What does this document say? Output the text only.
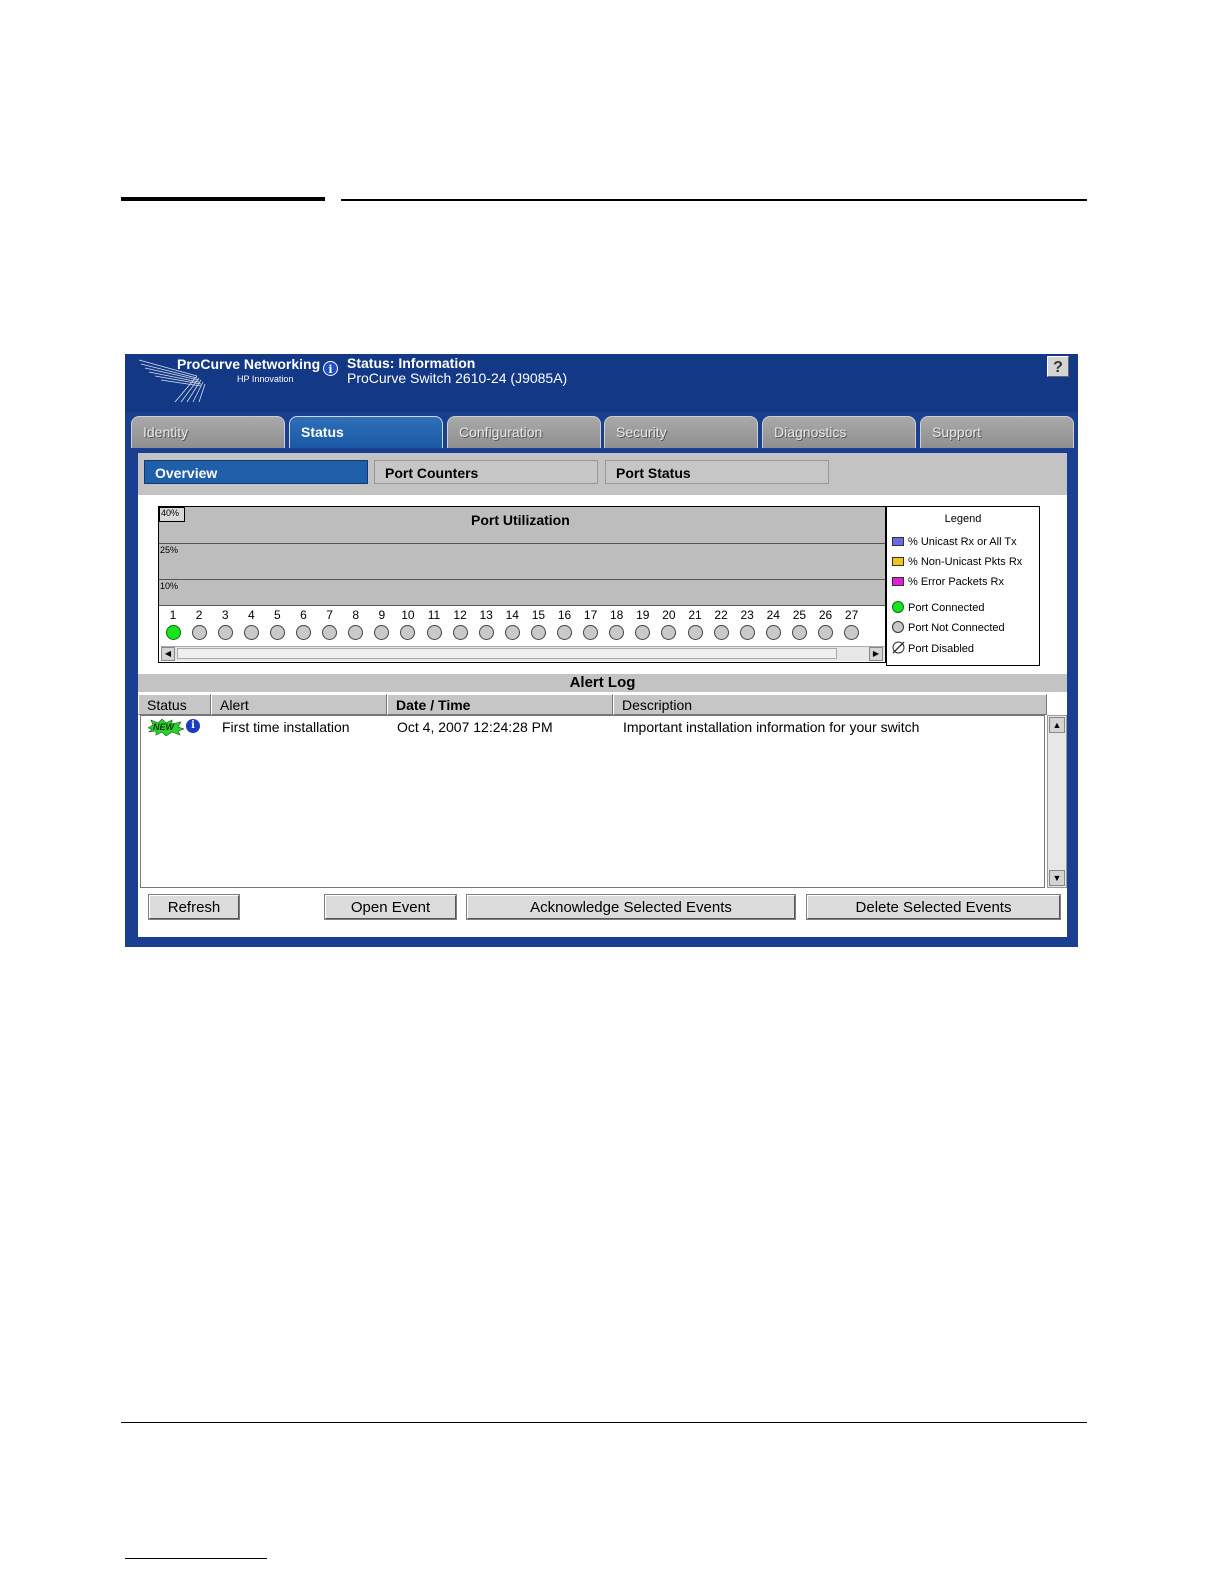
ProCurve Networking
HP Innovation
i	Status: Information
ProCurve Switch 2610-24 (J9085A)
?
Identity	Status	Configuration	Security	Diagnostics	Support
Overview	Port Counters	Port Status
40%
25%
10%
Port Utilization
1	2	3	4	5	6	7	8	9	10	11	12	13	14	15	16	17	18	19	20	21	22	23	24	25	26	27
◀	▶
Legend
% Unicast Rx or All Tx
% Non-Unicast Pkts Rx
% Error Packets Rx
Port Connected
Port Not Connected
Port Disabled
Alert Log
Status	Alert	Date / Time	Description
▲
▼
NEW	i	First time installation	Oct 4, 2007 12:24:28 PM	Important installation information for your switch
Refresh	Open Event	Acknowledge Selected Events	Delete Selected Events
